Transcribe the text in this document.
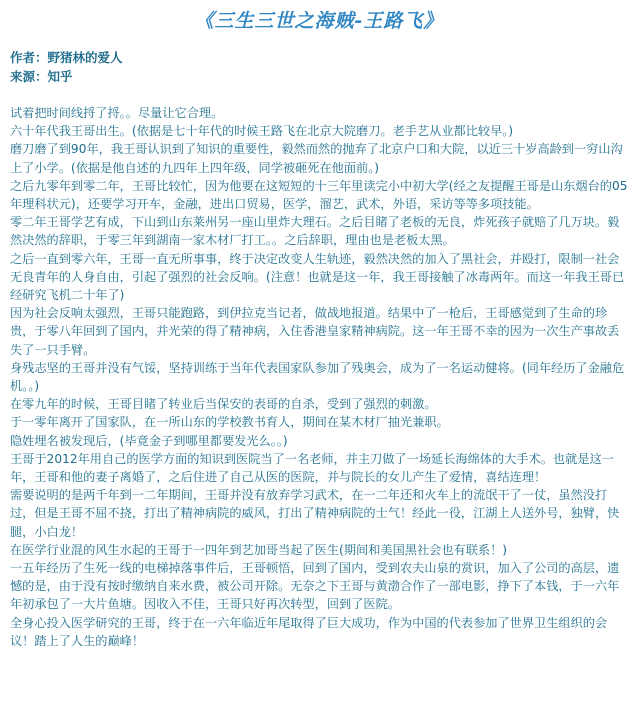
《三生三世之海贼-王路飞》
作者：野猪林的爱人
来源：知乎

试着把时间线捋了捋。。尽量让它合理。

六十年代我王哥出生。(依据是七十年代的时候王路飞在北京大院磨刀。老手艺从业都比较早。)

磨刀磨了到90年，我王哥认识到了知识的重要性，毅然而然的抛弃了北京户口和大院，以近三十岁高龄到一穷山沟上了小学。(依据是他自述的九四年上四年级，同学被砸死在他面前。)

之后九零年到零二年，王哥比较忙，因为他要在这短短的十三年里读完小中初大学(经之友提醒王哥是山东烟台的05年理科状元)，还要学习开车，金融，进出口贸易，医学，溜艺，武术，外语，采访等等多项技能。

零二年王哥学艺有成，下山到山东莱州另一座山里炸大理石。之后目睹了老板的无良，炸死孩子就赔了几万块。毅然决然的辞职，于零三年到湖南一家木材厂打工。。之后辞职，理由也是老板太黑。

之后一直到零六年，王哥一直无所事事，终于决定改变人生轨迹，毅然决然的加入了黑社会，并殴打，限制一社会无良青年的人身自由，引起了强烈的社会反响。(注意！也就是这一年，我王哥接触了冰毒两年。而这一年我王哥已经研究飞机二十年了)

因为社会反响太强烈，王哥只能跑路，到伊拉克当记者，做战地报道。结果中了一枪后，王哥感觉到了生命的珍贵，于零八年回到了国内，并光荣的得了精神病，入住香港皇家精神病院。这一年王哥不幸的因为一次生产事故丢失了一只手臂。

身残志坚的王哥并没有气馁，坚持训练于当年代表国家队参加了残奥会，成为了一名运动健将。(同年经历了金融危机。。)

在零九年的时候，王哥目睹了转业后当保安的表哥的自杀，受到了强烈的刺激。

于一零年离开了国家队，在一所山东的学校教书育人，期间在某木材厂抽光兼职。

隐姓埋名被发现后，(毕竟金子到哪里都要发光么。。)

王哥于2012年用自己的医学方面的知识到医院当了一名老师，并主刀做了一场延长海绵体的大手术。也就是这一年，王哥和他的妻子离婚了，之后住进了自己从医的医院，并与院长的女儿产生了爱情，喜结连理！

需要说明的是两千年到一二年期间，王哥并没有放弃学习武术，在一二年还和火车上的流氓干了一仗，虽然没打过，但是王哥不屈不挠，打出了精神病院的威风，打出了精神病院的士气！经此一役，江湖上人送外号，独臂，快腿，小白龙！

在医学行业混的风生水起的王哥于一四年到艺加哥当起了医生(期间和美国黑社会也有联系！)

一五年经历了生死一线的电梯掉落事件后，王哥顿悟，回到了国内，受到农夫山泉的赏识，加入了公司的高层，遗憾的是，由于没有按时缴纳自来水费，被公司开除。无奈之下王哥与黄渤合作了一部电影，挣下了本钱，于一六年年初承包了一大片鱼塘。因收入不佳，王哥只好再次转型，回到了医院。

全身心投入医学研究的王哥，终于在一六年临近年尾取得了巨大成功，作为中国的代表参加了世界卫生组织的会议！踏上了人生的巅峰！
